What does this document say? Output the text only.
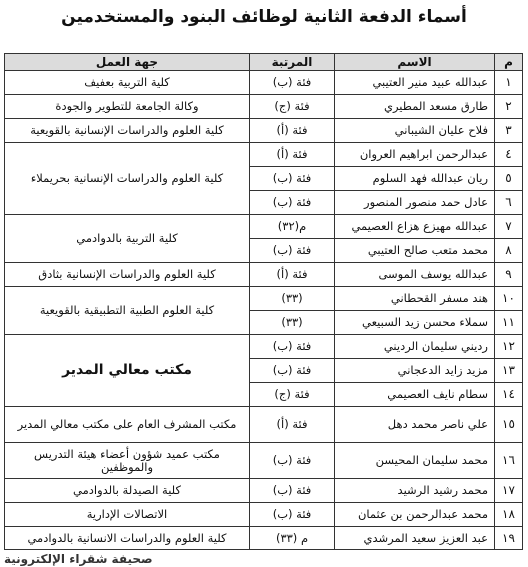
أسماء الدفعة الثانية لوظائف البنود والمستخدمين
م	الاسم	المرتبة	جهة العمل
١	عبدالله عبيد منير العتيبي	فئة (ب)	كلية التربية بعفيف
٢	طارق مسعد المطيري	فئة (ج)	وكالة الجامعة للتطوير والجودة
٣	فلاح عليان الشيباني	فئة (أ)	كلية العلوم والدراسات الإنسانية بالقويعية
٤	عبدالرحمن ابراهيم العروان	فئة (أ)	كلية العلوم والدراسات الإنسانية بحريملاء
٥	ريان عبدالله فهد السلوم	فئة (ب)	
٦	عادل حمد منصور المنصور	فئة (ب)	
٧	عبدالله مهيزع هزاع العصيمي	م(٣٢)	كلية التربية بالدوادمي
٨	محمد متعب صالح العتيبي	فئة (ب)	
٩	عبدالله يوسف الموسى	فئة (أ)	كلية العلوم والدراسات الإنسانية بثادق
١٠	هند مسفر القحطاني	(٣٣)	كلية العلوم الطبية التطبيقية بالقويعية
١١	سملاء محسن زيد السبيعي	(٣٣)	
١٢	رديني سليمان الرديني	فئة (ب)	مكتب معالي المدير
١٣	مزيد زايد الدعجاني	فئة (ب)	
١٤	سطام نايف العصيمي	فئة (ج)	
١٥	علي ناصر محمد دهل	فئة (أ)	مكتب المشرف العام على مكتب معالي المدير
١٦	محمد سليمان المحيسن	فئة (ب)	مكتب عميد شؤون أعضاء هيئة التدريس والموظفين
١٧	محمد رشيد الرشيد	فئة (ب)	كلية الصيدلة بالدوادمي
١٨	محمد عبدالرحمن بن عثمان	فئة (ب)	الاتصالات الإدارية
١٩	عبد العزيز سعيد المرشدي	م (٣٣)	كلية العلوم والدراسات الانسانية بالدوادمي
صحيفة شقراء الإلكترونية
